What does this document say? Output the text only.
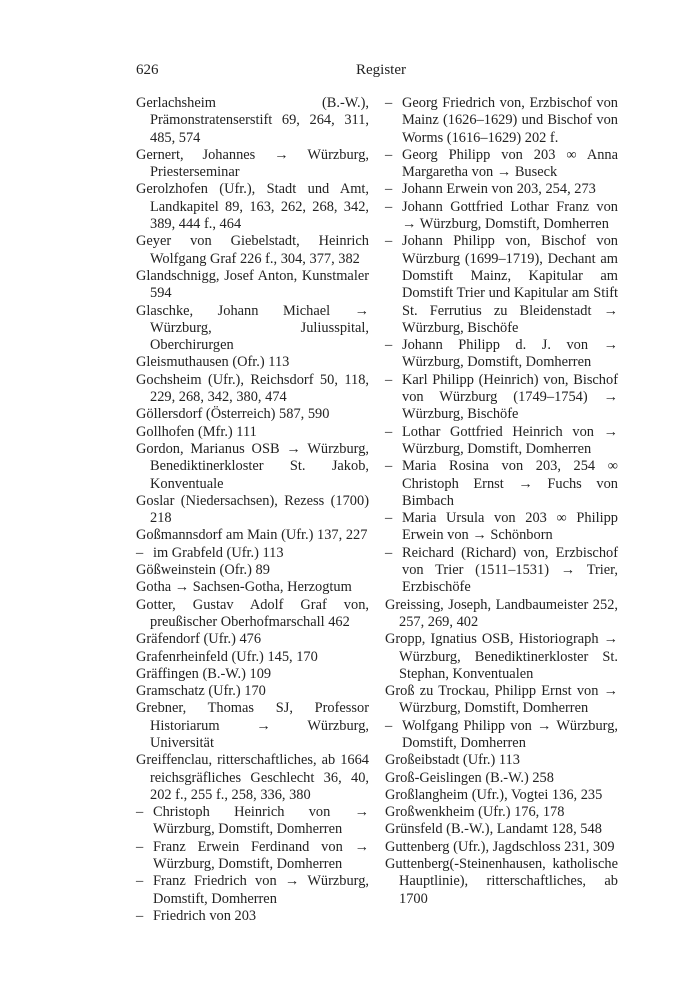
626	Register
Gerlachsheim (B.-W.), Prämonstratenserstift 69, 264, 311, 485, 574
Gernert, Johannes → Würzburg, Priesterseminar
Gerolzhofen (Ufr.), Stadt und Amt, Landkapitel 89, 163, 262, 268, 342, 389, 444 f., 464
Geyer von Giebelstadt, Heinrich Wolfgang Graf 226 f., 304, 377, 382
Glandschnigg, Josef Anton, Kunstmaler 594
Glaschke, Johann Michael → Würzburg, Juliusspital, Oberchirurgen
Gleismuthausen (Ofr.) 113
Gochsheim (Ufr.), Reichsdorf 50, 118, 229, 268, 342, 380, 474
Göllersdorf (Österreich) 587, 590
Gollhofen (Mfr.) 111
Gordon, Marianus OSB → Würzburg, Benediktinerkloster St. Jakob, Konventuale
Goslar (Niedersachsen), Rezess (1700) 218
Goßmannsdorf am Main (Ufr.) 137, 227
– im Grabfeld (Ufr.) 113
Gößweinstein (Ofr.) 89
Gotha → Sachsen-Gotha, Herzogtum
Gotter, Gustav Adolf Graf von, preußischer Oberhofmarschall 462
Gräfendorf (Ufr.) 476
Grafenrheinfeld (Ufr.) 145, 170
Gräffingen (B.-W.) 109
Gramschatz (Ufr.) 170
Grebner, Thomas SJ, Professor Historiarum → Würzburg, Universität
Greiffenclau, ritterschaftliches, ab 1664 reichsgräfliches Geschlecht 36, 40, 202 f., 255 f., 258, 336, 380
– Christoph Heinrich von → Würzburg, Domstift, Domherren
– Franz Erwein Ferdinand von → Würzburg, Domstift, Domherren
– Franz Friedrich von → Würzburg, Domstift, Domherren
– Friedrich von 203
– Georg Friedrich von, Erzbischof von Mainz (1626–1629) und Bischof von Worms (1616–1629) 202 f.
– Georg Philipp von 203 ∞ Anna Margaretha von → Buseck
– Johann Erwein von 203, 254, 273
– Johann Gottfried Lothar Franz von → Würzburg, Domstift, Domherren
– Johann Philipp von, Bischof von Würzburg (1699–1719), Dechant am Domstift Mainz, Kapitular am Domstift Trier und Kapitular am Stift St. Ferrutius zu Bleidenstadt → Würzburg, Bischöfe
– Johann Philipp d. J. von → Würzburg, Domstift, Domherren
– Karl Philipp (Heinrich) von, Bischof von Würzburg (1749–1754) → Würzburg, Bischöfe
– Lothar Gottfried Heinrich von → Würzburg, Domstift, Domherren
– Maria Rosina von 203, 254 ∞ Christoph Ernst → Fuchs von Bimbach
– Maria Ursula von 203 ∞ Philipp Erwein von → Schönborn
– Reichard (Richard) von, Erzbischof von Trier (1511–1531) → Trier, Erzbischöfe
Greissing, Joseph, Landbaumeister 252, 257, 269, 402
Gropp, Ignatius OSB, Historiograph → Würzburg, Benediktinerkloster St. Stephan, Konventualen
Groß zu Trockau, Philipp Ernst von → Würzburg, Domstift, Domherren
– Wolfgang Philipp von → Würzburg, Domstift, Domherren
Großeibstadt (Ufr.) 113
Groß-Geislingen (B.-W.) 258
Großlangheim (Ufr.), Vogtei 136, 235
Großwenkheim (Ufr.) 176, 178
Grünsfeld (B.-W.), Landamt 128, 548
Guttenberg (Ufr.), Jagdschloss 231, 309
Guttenberg(-Steinenhausen, katholische Hauptlinie), ritterschaftliches, ab 1700
